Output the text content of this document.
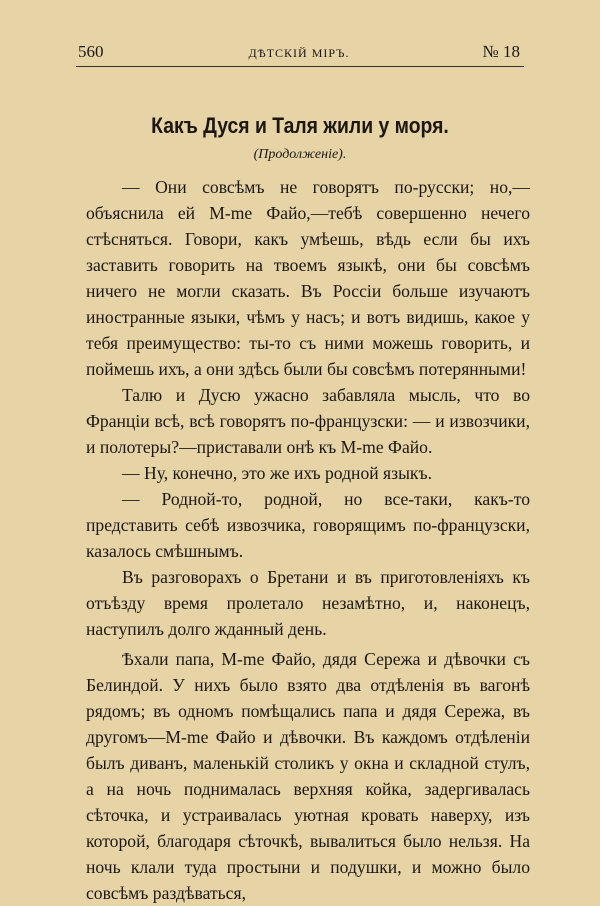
560	ДѢТСКІЙ МІРЪ.	№ 18
Какъ Дуся и Таля жили у моря.
(Продолженіе).

— Они совсѣмъ не говорятъ по-русски; но,—объяснила ей M-me Файо,—тебѣ совершенно нечего стѣсняться. Говори, какъ умѣешь, вѣдь если бы ихъ заставить говорить на твоемъ языкѣ, они бы совсѣмъ ничего не могли сказать. Въ Россіи больше изучаютъ иностранные языки, чѣмъ у насъ; и вотъ видишь, какое у тебя преимущество: ты-то съ ними можешь говорить, и поймешь ихъ, а они здѣсь были бы совсѣмъ потерянными!

Талю и Дусю ужасно забавляла мысль, что во Франціи всѣ, всѣ говорятъ по-французски: — и извозчики, и полотеры?—приставали онѣ къ M-me Файо.

— Ну, конечно, это же ихъ родной языкъ.

— Родной-то, родной, но все-таки, какъ-то представить себѣ извозчика, говорящимъ по-французски, казалось смѣшнымъ.

Въ разговорахъ о Бретани и въ приготовленіяхъ къ отъѣзду время пролетало незамѣтно, и, наконецъ, наступилъ долго жданный день.

Ѣхали папа, M-me Файо, дядя Сережа и дѣвочки съ Белиндой. У нихъ было взято два отдѣленія въ вагонѣ рядомъ; въ одномъ помѣщались папа и дядя Сережа, въ другомъ—M-me Файо и дѣвочки. Въ каждомъ отдѣленіи былъ диванъ, маленькій столикъ у окна и складной стулъ, а на ночь поднималась верхняя койка, задергивалась сѣточка, и устраивалась уютная кровать наверху, изъ которой, благодаря сѣточкѣ, вывалиться было нельзя. На ночь клали туда простыни и подушки, и можно было совсѣмъ раздѣваться,
